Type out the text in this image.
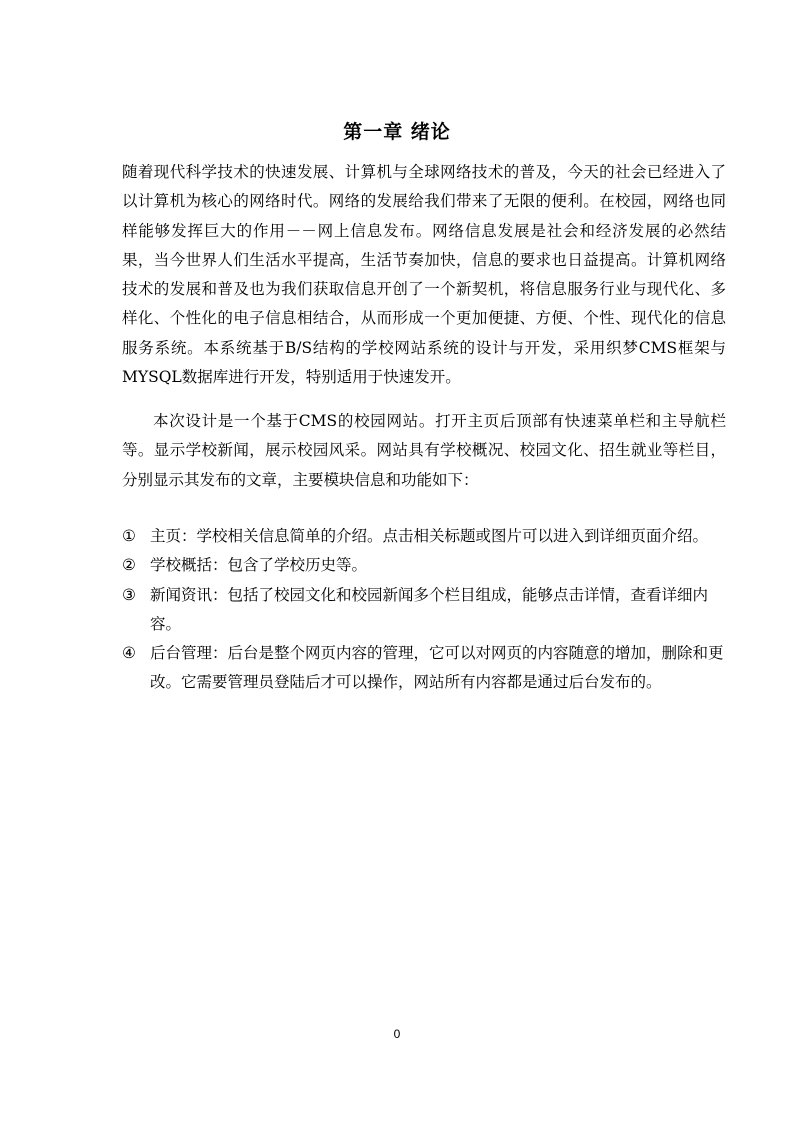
第一章 绪论

随着现代科学技术的快速发展、计算机与全球网络技术的普及，今天的社会已经进入了以计算机为核心的网络时代。网络的发展给我们带来了无限的便利。在校园，网络也同样能够发挥巨大的作用－－网上信息发布。网络信息发展是社会和经济发展的必然结果，当今世界人们生活水平提高，生活节奏加快，信息的要求也日益提高。计算机网络技术的发展和普及也为我们获取信息开创了一个新契机，将信息服务行业与现代化、多样化、个性化的电子信息相结合，从而形成一个更加便捷、方便、个性、现代化的信息服务系统。本系统基于B/S结构的学校网站系统的设计与开发，采用织梦CMS框架与MYSQL数据库进行开发，特别适用于快速发开。

本次设计是一个基于CMS的校园网站。打开主页后顶部有快速菜单栏和主导航栏等。显示学校新闻，展示校园风采。网站具有学校概况、校园文化、招生就业等栏目，分别显示其发布的文章，主要模块信息和功能如下：

① 主页：学校相关信息简单的介绍。点击相关标题或图片可以进入到详细页面介绍。
② 学校概括：包含了学校历史等。
③ 新闻资讯：包括了校园文化和校园新闻多个栏目组成，能够点击详情，查看详细内容。
④ 后台管理：后台是整个网页内容的管理，它可以对网页的内容随意的增加，删除和更改。它需要管理员登陆后才可以操作，网站所有内容都是通过后台发布的。
0
